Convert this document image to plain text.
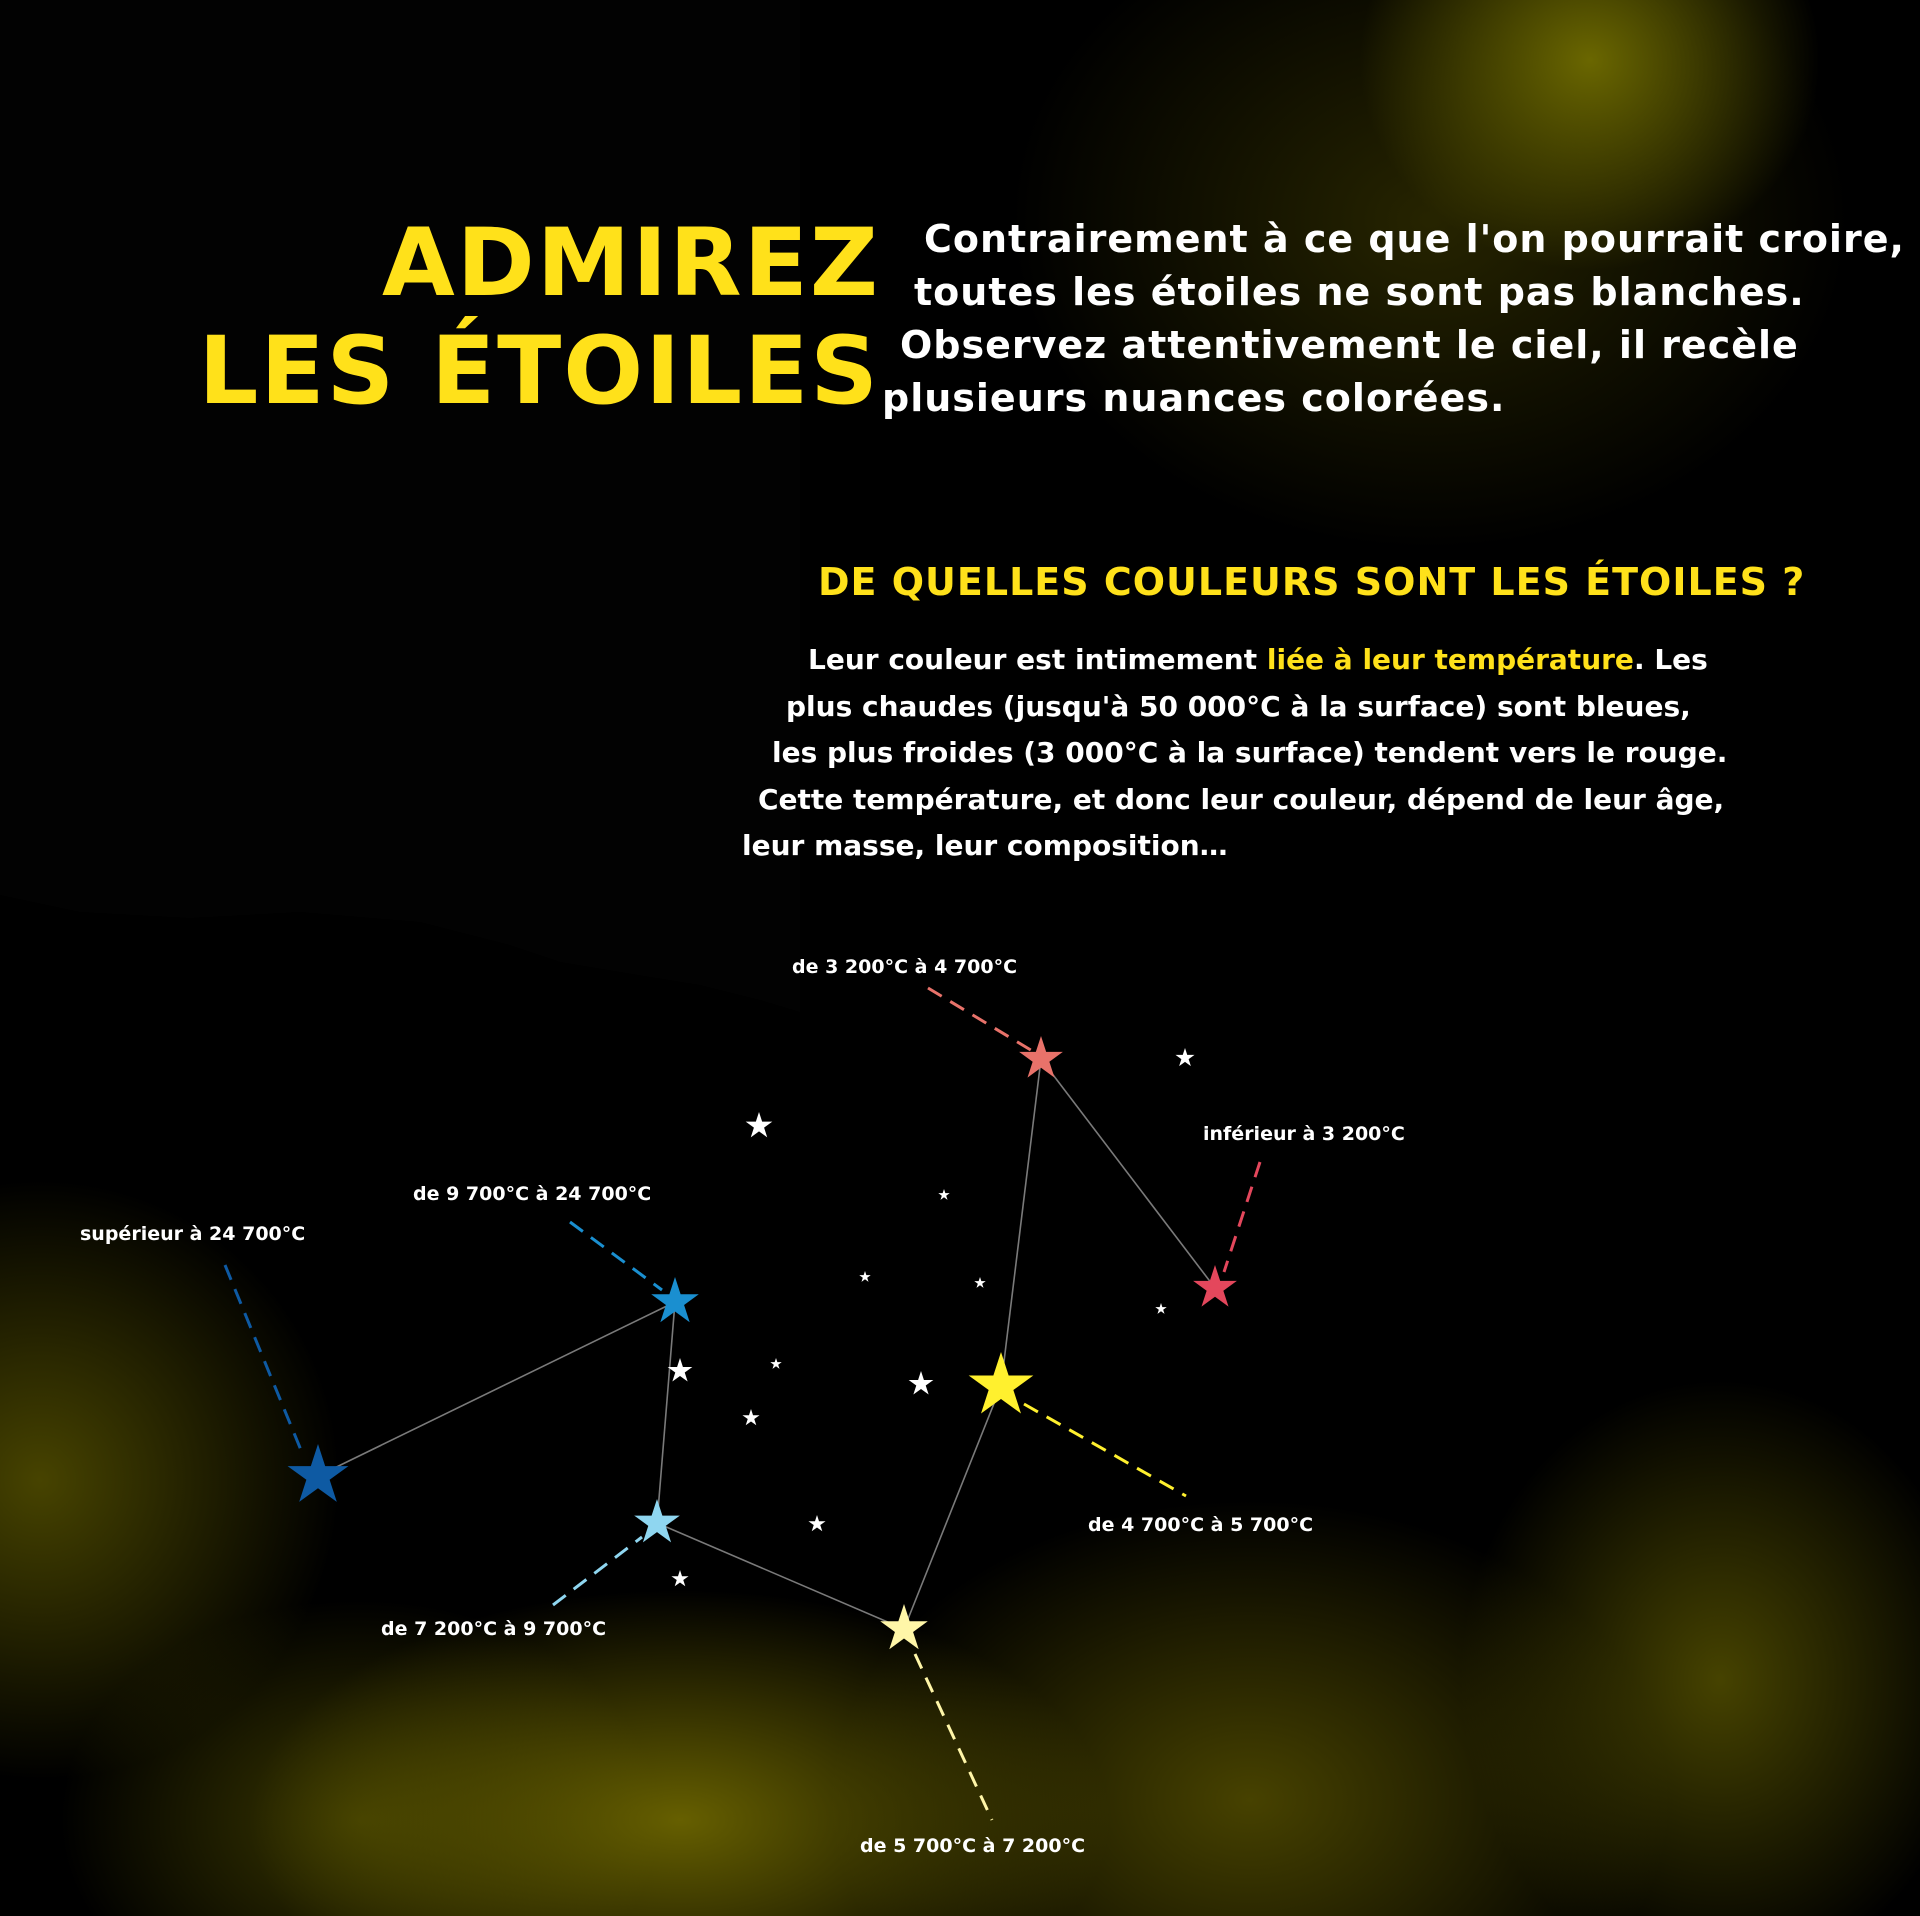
ADMIREZ
LES ÉTOILES

Contrairement à ce que l'on pourrait croire,
toutes les étoiles ne sont pas blanches.
Observez attentivement le ciel, il recèle
plusieurs nuances colorées.

DE QUELLES COULEURS SONT LES ÉTOILES ?

Leur couleur est intimement liée à leur température. Les
plus chaudes (jusqu'à 50 000°C à la surface) sont bleues,
les plus froides (3 000°C à la surface) tendent vers le rouge.
Cette température, et donc leur couleur, dépend de leur âge,
leur masse, leur composition…

de 3 200°C à 4 700°C
inférieur à 3 200°C
de 9 700°C à 24 700°C
supérieur à 24 700°C
de 4 700°C à 5 700°C
de 7 200°C à 9 700°C
de 5 700°C à 7 200°C
